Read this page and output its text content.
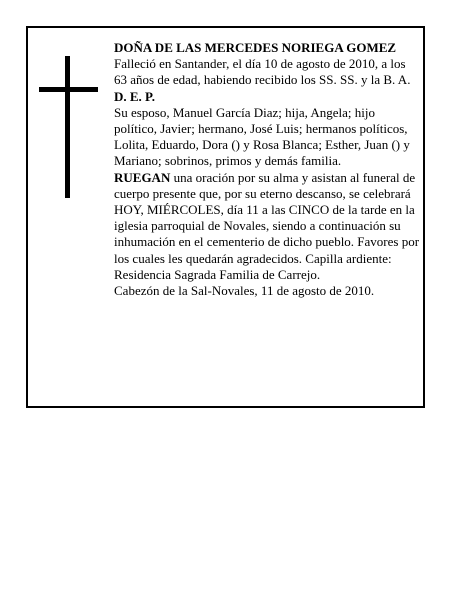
DOÑA DE LAS MERCEDES NORIEGA GOMEZ

Falleció en Santander, el día 10 de agosto de 2010, a los 63 años de edad, habiendo recibido los SS. SS. y la B. A.

D. E. P.

Su esposo, Manuel García Diaz; hija, Angela; hijo político, Javier; hermano, José Luis; hermanos políticos, Lolita, Eduardo, Dora () y Rosa Blanca; Esther, Juan () y Mariano; sobrinos, primos y demás familia.

RUEGAN una oración por su alma y asistan al funeral de cuerpo presente que, por su eterno descanso, se celebrará HOY, MIÉRCOLES, día 11 a las CINCO de la tarde en la iglesia parroquial de Novales, siendo a continuación su inhumación en el cementerio de dicho pueblo. Favores por los cuales les quedarán agradecidos. Capilla ardiente: Residencia Sagrada Familia de Carrejo.

Cabezón de la Sal-Novales, 11 de agosto de 2010.
